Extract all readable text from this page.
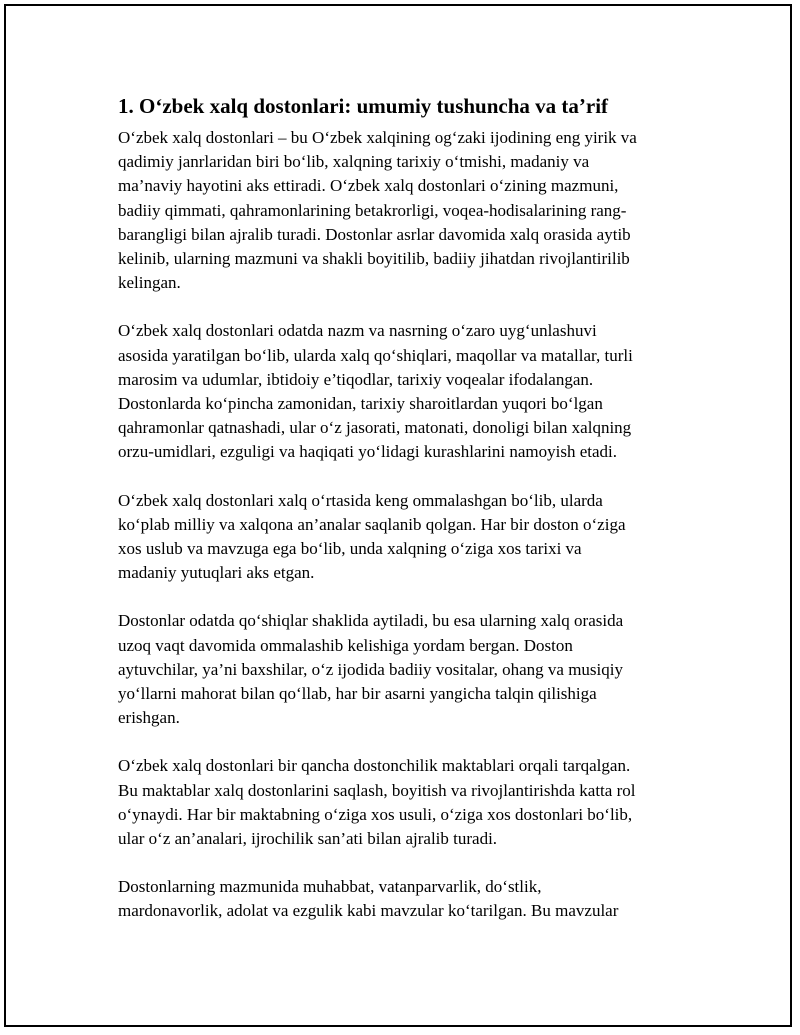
1. O‘zbek xalq dostonlari: umumiy tushuncha va ta’rif
O‘zbek xalq dostonlari – bu O‘zbek xalqining og‘zaki ijodining eng yirik va
qadimiy janrlaridan biri bo‘lib, xalqning tarixiy o‘tmishi, madaniy va
ma’naviy hayotini aks ettiradi. O‘zbek xalq dostonlari o‘zining mazmuni,
badiiy qimmati, qahramonlarining betakrorligi, voqea-hodisalarining rang-
barangligi bilan ajralib turadi. Dostonlar asrlar davomida xalq orasida aytib
kelinib, ularning mazmuni va shakli boyitilib, badiiy jihatdan rivojlantirilib
kelingan.
O‘zbek xalq dostonlari odatda nazm va nasrning o‘zaro uyg‘unlashuvi
asosida yaratilgan bo‘lib, ularda xalq qo‘shiqlari, maqollar va matallar, turli
marosim va udumlar, ibtidoiy e’tiqodlar, tarixiy voqealar ifodalangan.
Dostonlarda ko‘pincha zamonidan, tarixiy sharoitlardan yuqori bo‘lgan
qahramonlar qatnashadi, ular o‘z jasorati, matonati, donoligi bilan xalqning
orzu-umidlari, ezguligi va haqiqati yo‘lidagi kurashlarini namoyish etadi.
O‘zbek xalq dostonlari xalq o‘rtasida keng ommalashgan bo‘lib, ularda
ko‘plab milliy va xalqona an’analar saqlanib qolgan. Har bir doston o‘ziga
xos uslub va mavzuga ega bo‘lib, unda xalqning o‘ziga xos tarixi va
madaniy yutuqlari aks etgan.
Dostonlar odatda qo‘shiqlar shaklida aytiladi, bu esa ularning xalq orasida
uzoq vaqt davomida ommalashib kelishiga yordam bergan. Doston
aytuvchilar, ya’ni baxshilar, o‘z ijodida badiiy vositalar, ohang va musiqiy
yo‘llarni mahorat bilan qo‘llab, har bir asarni yangicha talqin qilishiga
erishgan.
O‘zbek xalq dostonlari bir qancha dostonchilik maktablari orqali tarqalgan.
Bu maktablar xalq dostonlarini saqlash, boyitish va rivojlantirishda katta rol
o‘ynaydi. Har bir maktabning o‘ziga xos usuli, o‘ziga xos dostonlari bo‘lib,
ular o‘z an’analari, ijrochilik san’ati bilan ajralib turadi.
Dostonlarning mazmunida muhabbat, vatanparvarlik, do‘stlik,
mardonavorlik, adolat va ezgulik kabi mavzular ko‘tarilgan. Bu mavzular
